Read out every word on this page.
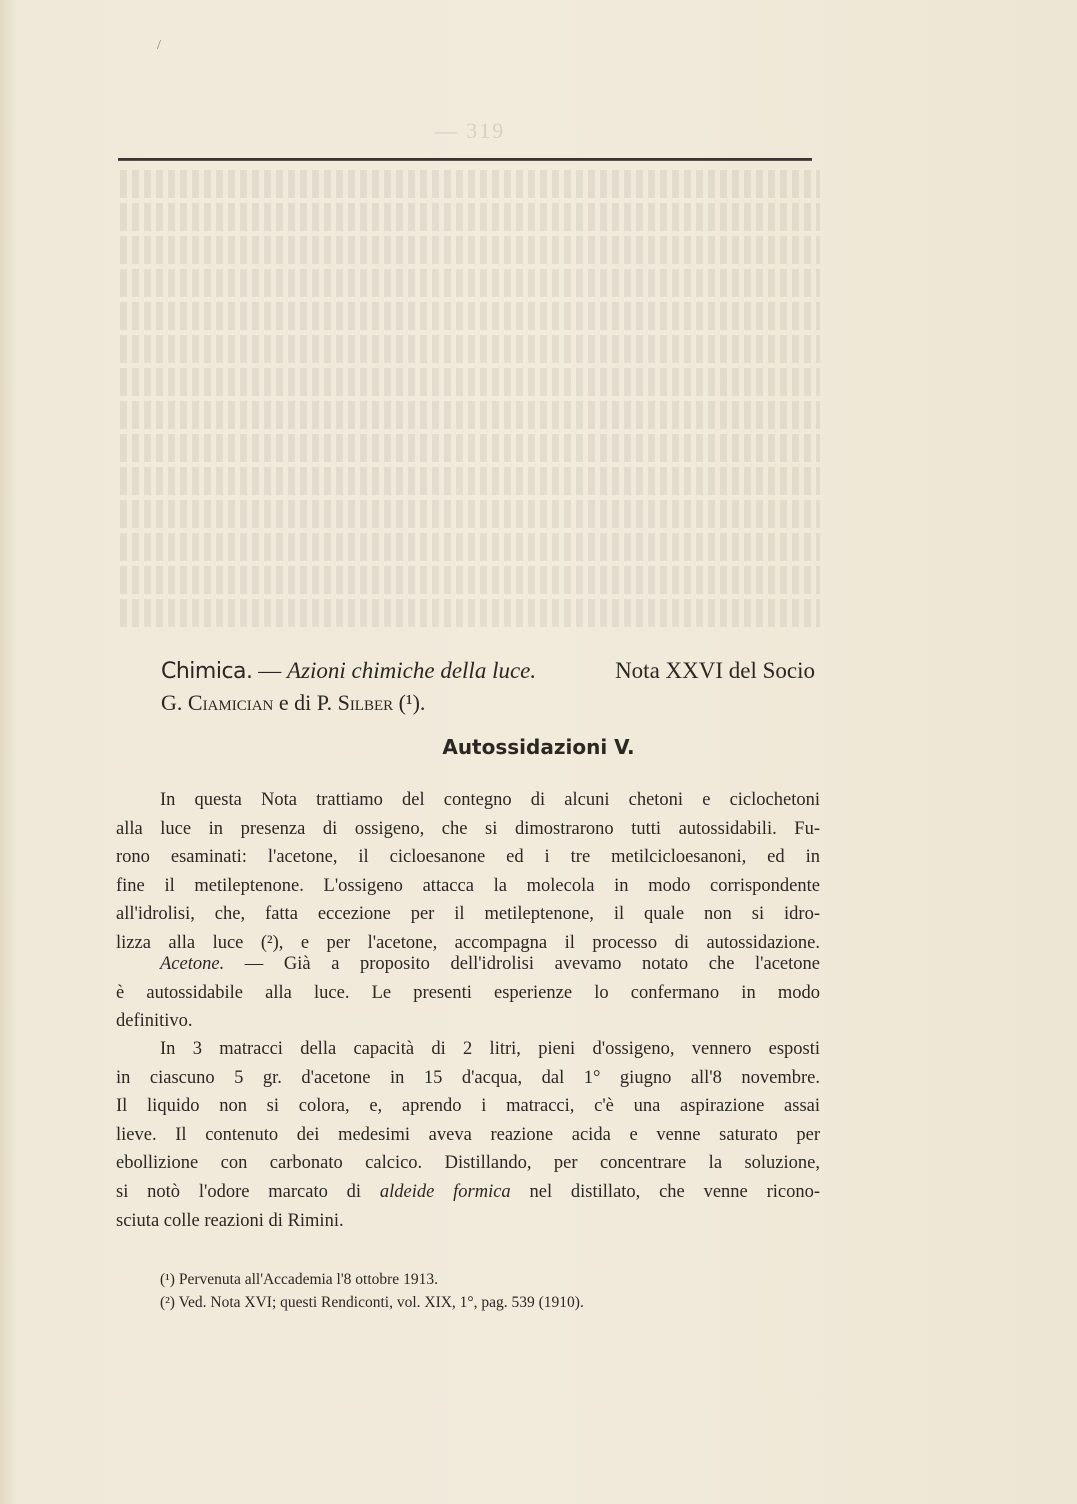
/
— 319 —
Chimica. — Azioni chimiche della luce.	Nota XXVI del Socio
G. Ciamician e di P. Silber (¹).
Autossidazioni V.
In questa Nota trattiamo del contegno di alcuni chetoni e ciclochetoni
alla luce in presenza di ossigeno, che si dimostrarono tutti autossidabili. Fu-
rono esaminati: l'acetone, il cicloesanone ed i tre metilcicloesanoni, ed in
fine il metileptenone. L'ossigeno attacca la molecola in modo corrispondente
all'idrolisi, che, fatta eccezione per il metileptenone, il quale non si idro-
lizza alla luce (²), e per l'acetone, accompagna il processo di autossidazione.
Acetone. — Già a proposito dell'idrolisi avevamo notato che l'acetone
è autossidabile alla luce. Le presenti esperienze lo confermano in modo
definitivo.
In 3 matracci della capacità di 2 litri, pieni d'ossigeno, vennero esposti
in ciascuno 5 gr. d'acetone in 15 d'acqua, dal 1° giugno all'8 novembre.
Il liquido non si colora, e, aprendo i matracci, c'è una aspirazione assai
lieve. Il contenuto dei medesimi aveva reazione acida e venne saturato per
ebollizione con carbonato calcico. Distillando, per concentrare la soluzione,
si notò l'odore marcato di aldeide formica nel distillato, che venne ricono-
sciuta colle reazioni di Rimini.
(¹) Pervenuta all'Accademia l'8 ottobre 1913.
(²) Ved. Nota XVI; questi Rendiconti, vol. XIX, 1°, pag. 539 (1910).
